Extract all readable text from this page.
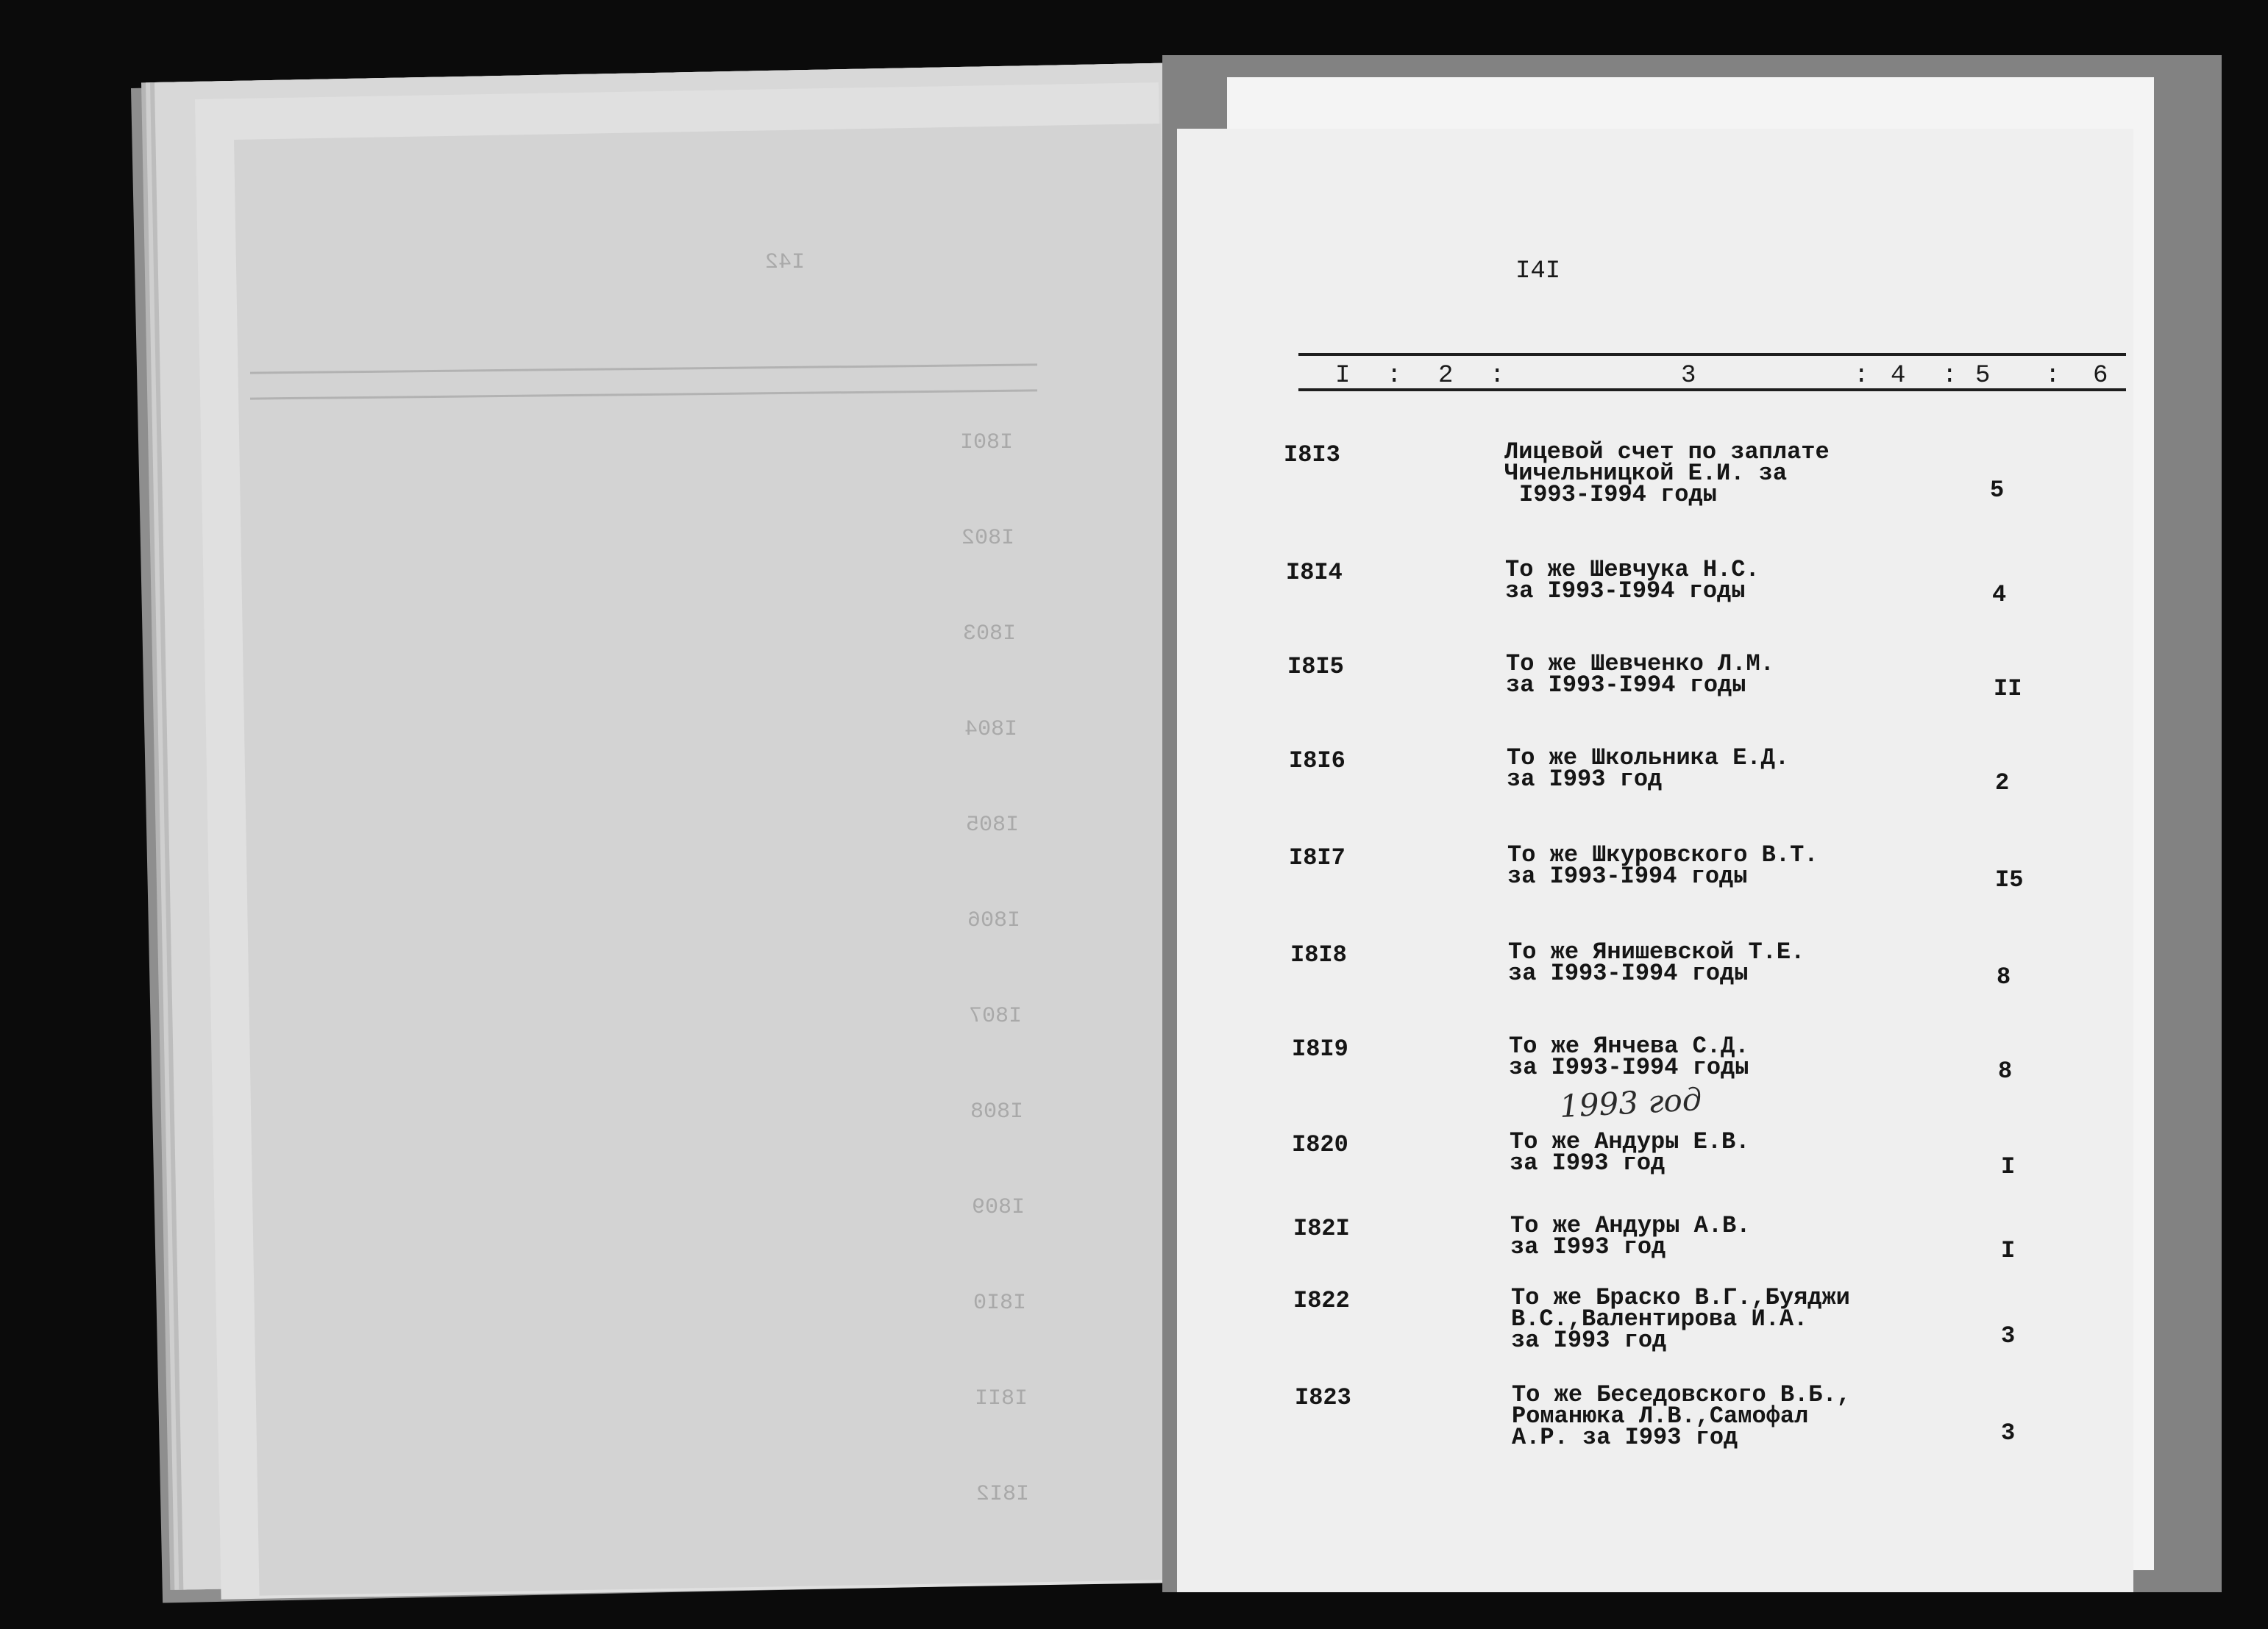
I42
I80I
I802
I803
I804
I805
I806
I807
I808
I809
I8I0
I8II
I8I2
I4I
I : 2 :	3	: 4 : 5 : 6
I8I3	Лицевой счет по заплате
Чичельницкой Е.И. за
I993-I994 годы	5
I8I4	То же Шевчука Н.С.
за I993-I994 годы	4
I8I5	То же Шевченко Л.М.
за I993-I994 годы	II
I8I6	То же Школьника Е.Д.
за I993 год	2
I8I7	То же Шкуровского В.Т.
за I993-I994 годы	I5
I8I8	То же Янишевской Т.Е.
за I993-I994 годы	8
I8I9	То же Янчева С.Д.
за I993-I994 годы	8
I820	То же Андуры Е.В.
за I993 год	I
I82I	То же Андуры А.В.
за I993 год	I
I822	То же Браско В.Г.,Буяджи
В.С.,Валентирова И.А.
за I993 год	3
I823	То же Беседовского В.Б.,
Романюка Л.В.,Самофал
А.Р. за I993 год	3
1993 год
